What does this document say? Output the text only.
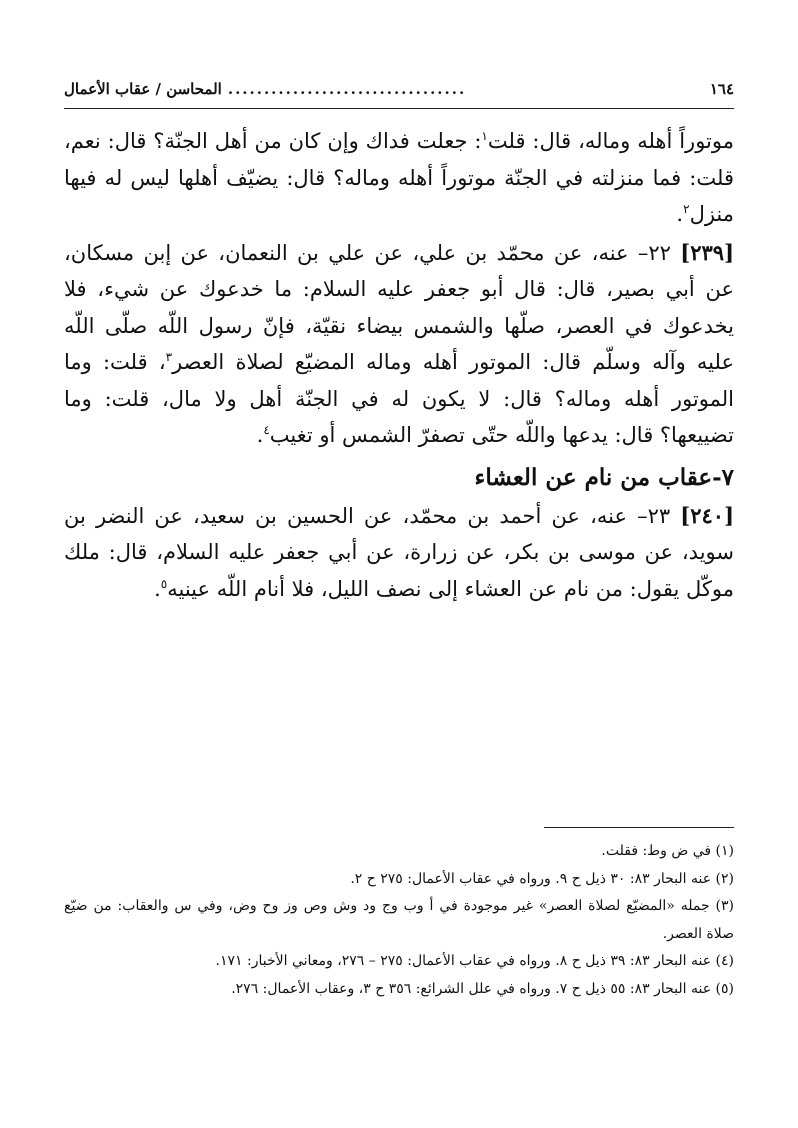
١٦٤
.................................
المحاسن / عقاب الأعمال

موتوراً أهله وماله، قال: قلت$^١$: جعلت فداك وإن كان من أهل الجنّة؟ قال: نعم، قلت: فما منزلته في الجنّة موتوراً أهله وماله؟ قال: يضيّف أهلها ليس له فيها منزل$^٢$.

[٢٣٩] ٢٢– عنه، عن محمّد بن علي، عن علي بن النعمان، عن إبن مسكان، عن أبي بصير، قال: قال أبو جعفر عليه السلام: ما خدعوك عن شيء، فلا يخدعوك في العصر، صلّها والشمس بيضاء نقيّة، فإنّ رسول اللّه صلّى اللّه عليه وآله وسلّم قال: الموتور أهله وماله المضيّع لصلاة العصر$^٣$، قلت: وما الموتور أهله وماله؟ قال: لا يكون له في الجنّة أهل ولا مال، قلت: وما تضييعها؟ قال: يدعها واللّه حتّى تصفرّ الشمس أو تغيب$^٤$.

٧-عقاب من نام عن العشاء

[٢٤٠] ٢٣– عنه، عن أحمد بن محمّد، عن الحسين بن سعيد، عن النضر بن سويد، عن موسى بن بكر، عن زرارة، عن أبي جعفر عليه السلام، قال: ملك موكّل يقول: من نام عن العشاء إلى نصف الليل، فلا أنام اللّه عينيه$^٥$.

(١) في ض وط: فقلت.

(٢) عنه البحار ٨٣: ٣٠ ذيل ح ٩. ورواه في عقاب الأعمال: ٢٧٥ ح ٢.

(٣) جمله «المضيّع لصلاة العصر» غير موجودة في أ وب وج ود وش وص وز وح وض، وفي س والعقاب: من ضيّع صلاة العصر.

(٤) عنه البحار ٨٣: ٣٩ ذيل ح ٨. ورواه في عقاب الأعمال: ٢٧٥ – ٢٧٦، ومعاني الأخبار: ١٧١.

(٥) عنه البحار ٨٣: ٥٥ ذيل ح ٧. ورواه في علل الشرائع: ٣٥٦ ح ٣، وعقاب الأعمال: ٢٧٦.
